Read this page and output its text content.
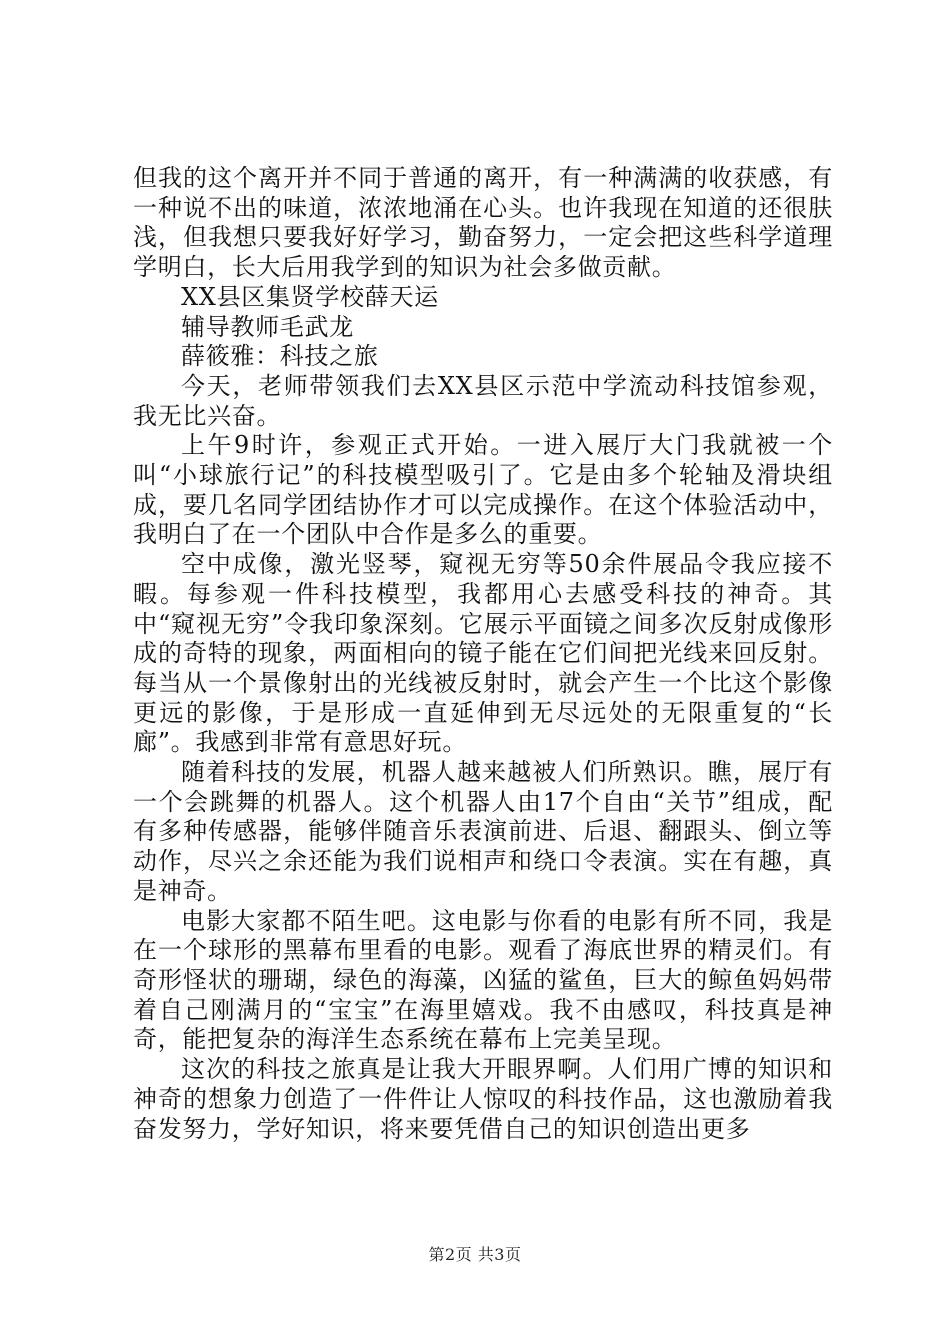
但我的这个离开并不同于普通的离开，有一种满满的收获感，有一种说不出的味道，浓浓地涌在心头。也许我现在知道的还很肤浅，但我想只要我好好学习，勤奋努力，一定会把这些科学道理学明白，长大后用我学到的知识为社会多做贡献。

XX县区集贤学校薛天运

辅导教师毛武龙

薛筱雅：科技之旅

今天，老师带领我们去XX县区示范中学流动科技馆参观，我无比兴奋。

上午9时许，参观正式开始。一进入展厅大门我就被一个叫“小球旅行记”的科技模型吸引了。它是由多个轮轴及滑块组成，要几名同学团结协作才可以完成操作。在这个体验活动中，我明白了在一个团队中合作是多么的重要。

空中成像，激光竖琴，窥视无穷等50余件展品令我应接不暇。每参观一件科技模型，我都用心去感受科技的神奇。其中“窥视无穷”令我印象深刻。它展示平面镜之间多次反射成像形成的奇特的现象，两面相向的镜子能在它们间把光线来回反射。每当从一个景像射出的光线被反射时，就会产生一个比这个影像更远的影像，于是形成一直延伸到无尽远处的无限重复的“长廊”。我感到非常有意思好玩。

随着科技的发展，机器人越来越被人们所熟识。瞧，展厅有一个会跳舞的机器人。这个机器人由17个自由“关节”组成，配有多种传感器，能够伴随音乐表演前进、后退、翻跟头、倒立等动作，尽兴之余还能为我们说相声和绕口令表演。实在有趣，真是神奇。

电影大家都不陌生吧。这电影与你看的电影有所不同，我是在一个球形的黑幕布里看的电影。观看了海底世界的精灵们。有奇形怪状的珊瑚，绿色的海藻，凶猛的鲨鱼，巨大的鲸鱼妈妈带着自己刚满月的“宝宝”在海里嬉戏。我不由感叹，科技真是神奇，能把复杂的海洋生态系统在幕布上完美呈现。

这次的科技之旅真是让我大开眼界啊。人们用广博的知识和神奇的想象力创造了一件件让人惊叹的科技作品，这也激励着我奋发努力，学好知识，将来要凭借自己的知识创造出更多

第2页 共3页
